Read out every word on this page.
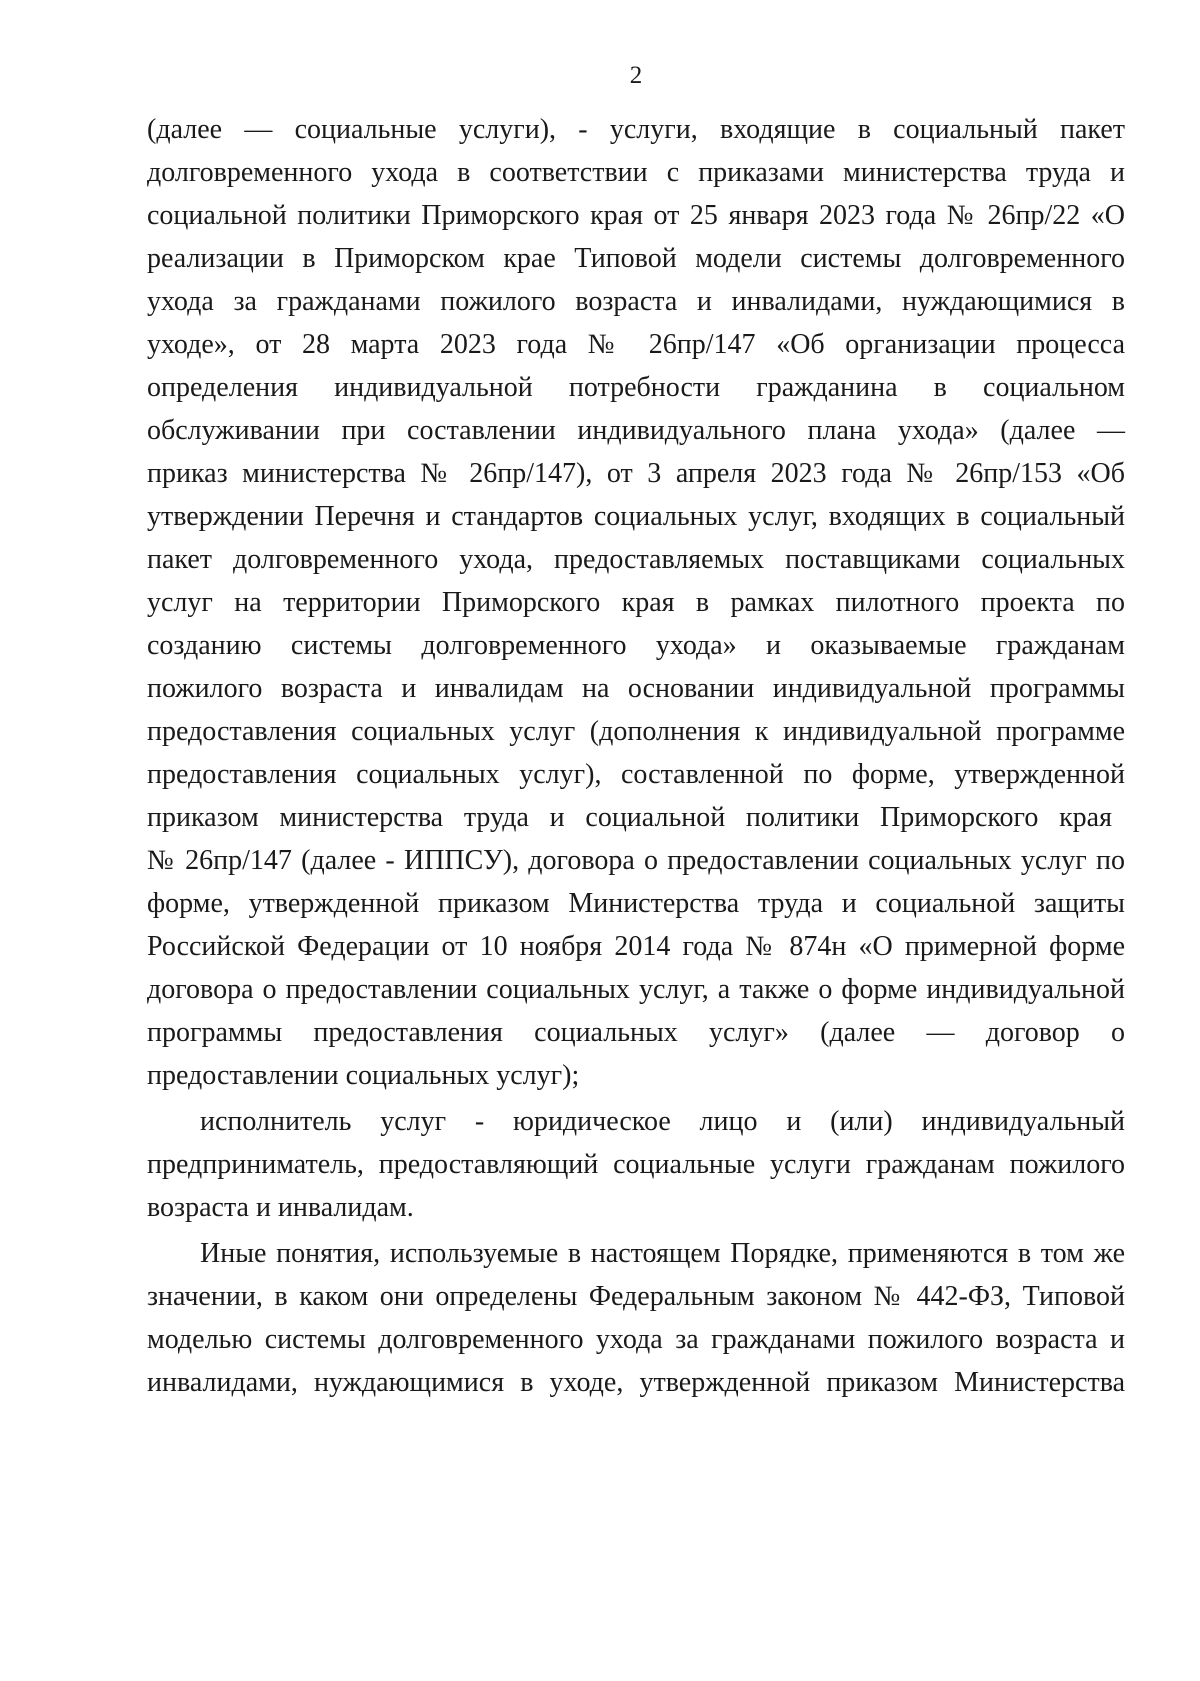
2
(далее — социальные услуги), - услуги, входящие в социальный пакет
долговременного ухода в соответствии с приказами министерства труда и
социальной политики Приморского края от 25 января 2023 года № 26пр/22 «О
реализации в Приморском крае Типовой модели системы долговременного
ухода за гражданами пожилого возраста и инвалидами, нуждающимися в
уходе», от 28 марта 2023 года № 26пр/147 «Об организации процесса
определения индивидуальной потребности гражданина в социальном
обслуживании при составлении индивидуального плана ухода» (далее —
приказ министерства № 26пр/147), от 3 апреля 2023 года № 26пр/153 «Об
утверждении Перечня и стандартов социальных услуг, входящих в социальный
пакет долговременного ухода, предоставляемых поставщиками социальных
услуг на территории Приморского края в рамках пилотного проекта по
созданию системы долговременного ухода» и оказываемые гражданам
пожилого возраста и инвалидам на основании индивидуальной программы
предоставления социальных услуг (дополнения к индивидуальной программе
предоставления социальных услуг), составленной по форме, утвержденной
приказом министерства труда и социальной политики Приморского края
№ 26пр/147 (далее - ИППСУ), договора о предоставлении социальных услуг по
форме, утвержденной приказом Министерства труда и социальной защиты
Российской Федерации от 10 ноября 2014 года № 874н «О примерной форме
договора о предоставлении социальных услуг, а также о форме индивидуальной
программы предоставления социальных услуг» (далее — договор о
предоставлении социальных услуг);
исполнитель услуг - юридическое лицо и (или) индивидуальный
предприниматель, предоставляющий социальные услуги гражданам пожилого
возраста и инвалидам.
Иные понятия, используемые в настоящем Порядке, применяются в том же
значении, в каком они определены Федеральным законом № 442-ФЗ, Типовой
моделью системы долговременного ухода за гражданами пожилого возраста и
инвалидами, нуждающимися в уходе, утвержденной приказом Министерства
